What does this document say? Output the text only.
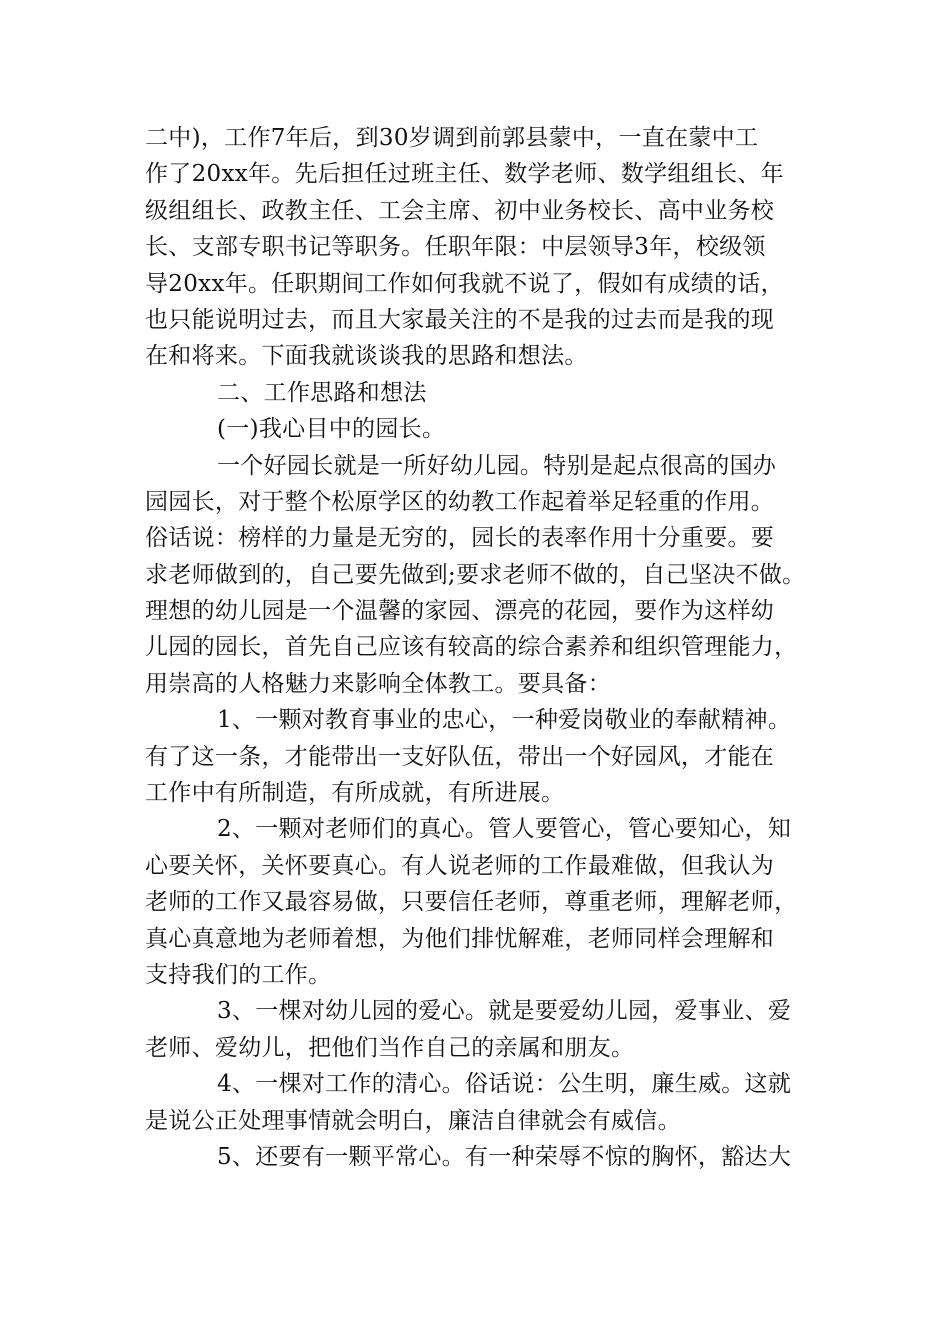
二中)，工作7年后，到30岁调到前郭县蒙中，一直在蒙中工
作了20xx年。先后担任过班主任、数学老师、数学组组长、年
级组组长、政教主任、工会主席、初中业务校长、高中业务校
长、支部专职书记等职务。任职年限：中层领导3年，校级领
导20xx年。任职期间工作如何我就不说了，假如有成绩的话，
也只能说明过去，而且大家最关注的不是我的过去而是我的现
在和将来。下面我就谈谈我的思路和想法。
二、工作思路和想法
(一)我心目中的园长。
一个好园长就是一所好幼儿园。特别是起点很高的国办
园园长，对于整个松原学区的幼教工作起着举足轻重的作用。
俗话说：榜样的力量是无穷的，园长的表率作用十分重要。要
求老师做到的，自己要先做到;要求老师不做的，自己坚决不做。
理想的幼儿园是一个温馨的家园、漂亮的花园，要作为这样幼
儿园的园长，首先自己应该有较高的综合素养和组织管理能力，
用崇高的人格魅力来影响全体教工。要具备：
1、一颗对教育事业的忠心，一种爱岗敬业的奉献精神。
有了这一条，才能带出一支好队伍，带出一个好园风，才能在
工作中有所制造，有所成就，有所进展。
2、一颗对老师们的真心。管人要管心，管心要知心，知
心要关怀，关怀要真心。有人说老师的工作最难做，但我认为
老师的工作又最容易做，只要信任老师，尊重老师，理解老师，
真心真意地为老师着想，为他们排忧解难，老师同样会理解和
支持我们的工作。
3、一棵对幼儿园的爱心。就是要爱幼儿园，爱事业、爱
老师、爱幼儿，把他们当作自己的亲属和朋友。
4、一棵对工作的清心。俗话说：公生明，廉生威。这就
是说公正处理事情就会明白，廉洁自律就会有威信。
5、还要有一颗平常心。有一种荣辱不惊的胸怀，豁达大
